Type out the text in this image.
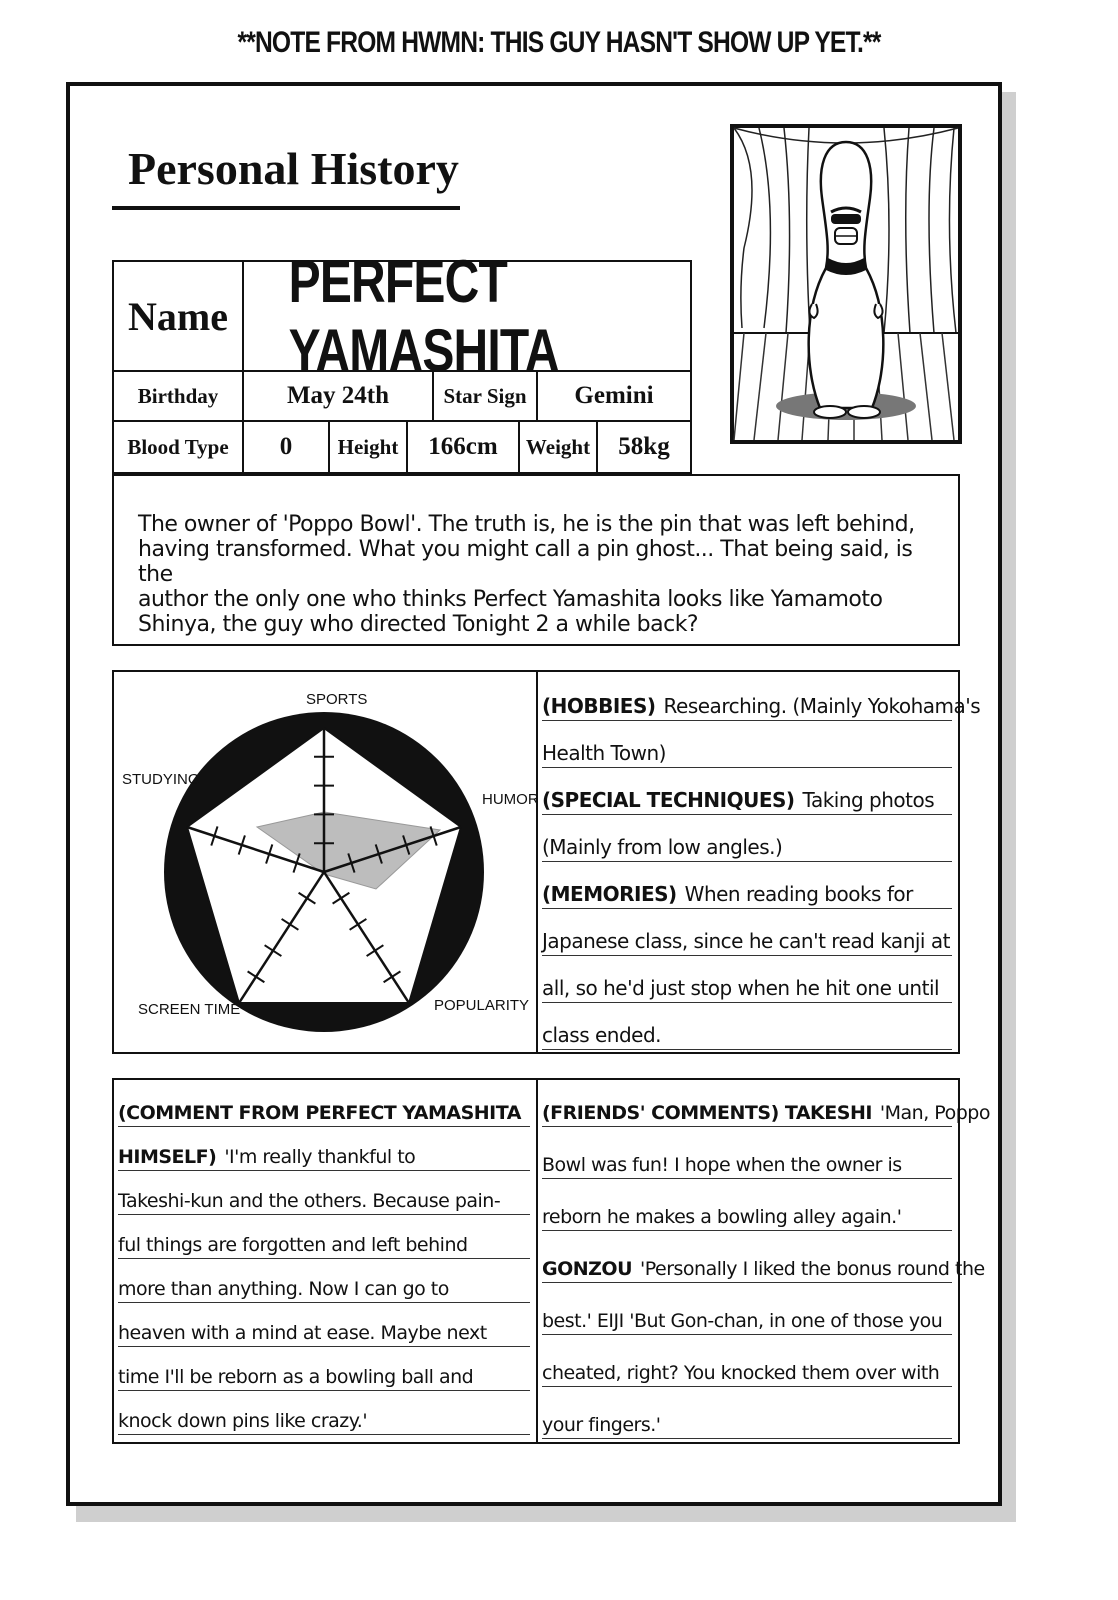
**NOTE FROM HWMN: THIS GUY HASN'T SHOW UP YET.**
Personal History
Name
PERFECT YAMASHITA
Birthday	May 24th	Star Sign Gemini
Blood Type 0 Height 166cm Weight 58kg

The owner of 'Poppo Bowl'. The truth is, he is the pin that was left behind,

having transformed. What you might call a pin ghost... That being said, is the

author the only one who thinks Perfect Yamashita looks like Yamamoto

Shinya, the guy who directed Tonight 2 a while back?

SPORTS
HUMOR
POPULARITY
SCREEN TIME
STUDYING
(HOBBIES) Researching. (Mainly Yokohama's
Health Town)
(SPECIAL TECHNIQUES) Taking photos
(Mainly from low angles.)
(MEMORIES) When reading books for
Japanese class, since he can't read kanji at
all, so he'd just stop when he hit one until
class ended.
(COMMENT FROM PERFECT YAMASHITA
HIMSELF) 'I'm really thankful to
Takeshi-kun and the others. Because pain-
ful things are forgotten and left behind
more than anything. Now I can go to
heaven with a mind at ease. Maybe next
time I'll be reborn as a bowling ball and
knock down pins like crazy.'
(FRIENDS' COMMENTS) TAKESHI 'Man, Poppo
Bowl was fun! I hope when the owner is
reborn he makes a bowling alley again.'
GONZOU 'Personally I liked the bonus round the
best.' EIJI 'But Gon-chan, in one of those you
cheated, right? You knocked them over with
your fingers.'
